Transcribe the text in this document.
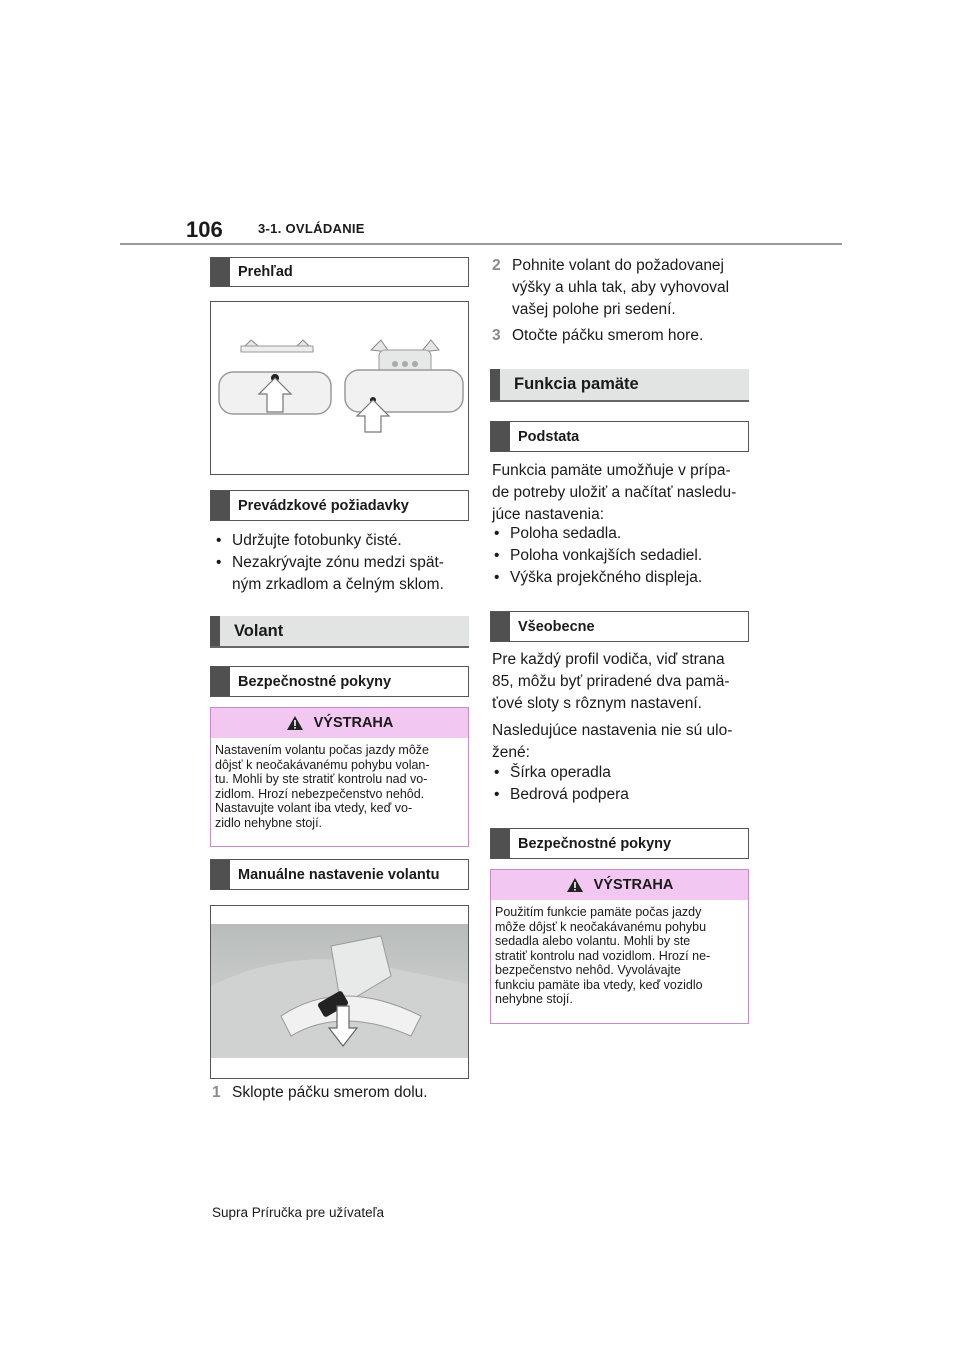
106	3-1. OVLÁDANIE
Prehľad
Prevádzkové požiadavky
• Udržujte fotobunky čisté.
• Nezakrývajte zónu medzi spät-
ným zrkadlom a čelným sklom.
Volant
Bezpečnostné pokyny
VÝSTRAHA
Nastavením volantu počas jazdy môže
dôjsť k neočakávanému pohybu volan-
tu. Mohli by ste stratiť kontrolu nad vo-
zidlom. Hrozí nebezpečenstvo nehôd.
Nastavujte volant iba vtedy, keď vo-
zidlo nehybne stojí.
Manuálne nastavenie volantu
1 Sklopte páčku smerom dolu.
2 Pohnite volant do požadovanej
výšky a uhla tak, aby vyhovoval
vašej polohe pri sedení.
3 Otočte páčku smerom hore.
Funkcia pamäte
Podstata

Funkcia pamäte umožňuje v prípa-

de potreby uložiť a načítať nasledu-

júce nastavenia:

• Poloha sedadla.
• Poloha vonkajších sedadiel.
• Výška projekčného displeja.
Všeobecne

Pre každý profil vodiča, viď strana

85, môžu byť priradené dva pamä-

ťové sloty s rôznym nastavení.

Nasledujúce nastavenia nie sú ulo-

žené:

• Šírka operadla
• Bedrová podpera
Bezpečnostné pokyny
VÝSTRAHA
Použitím funkcie pamäte počas jazdy
môže dôjsť k neočakávanému pohybu
sedadla alebo volantu. Mohli by ste
stratiť kontrolu nad vozidlom. Hrozí ne-
bezpečenstvo nehôd. Vyvolávajte
funkciu pamäte iba vtedy, keď vozidlo
nehybne stojí.
Supra Príručka pre užívateľa
